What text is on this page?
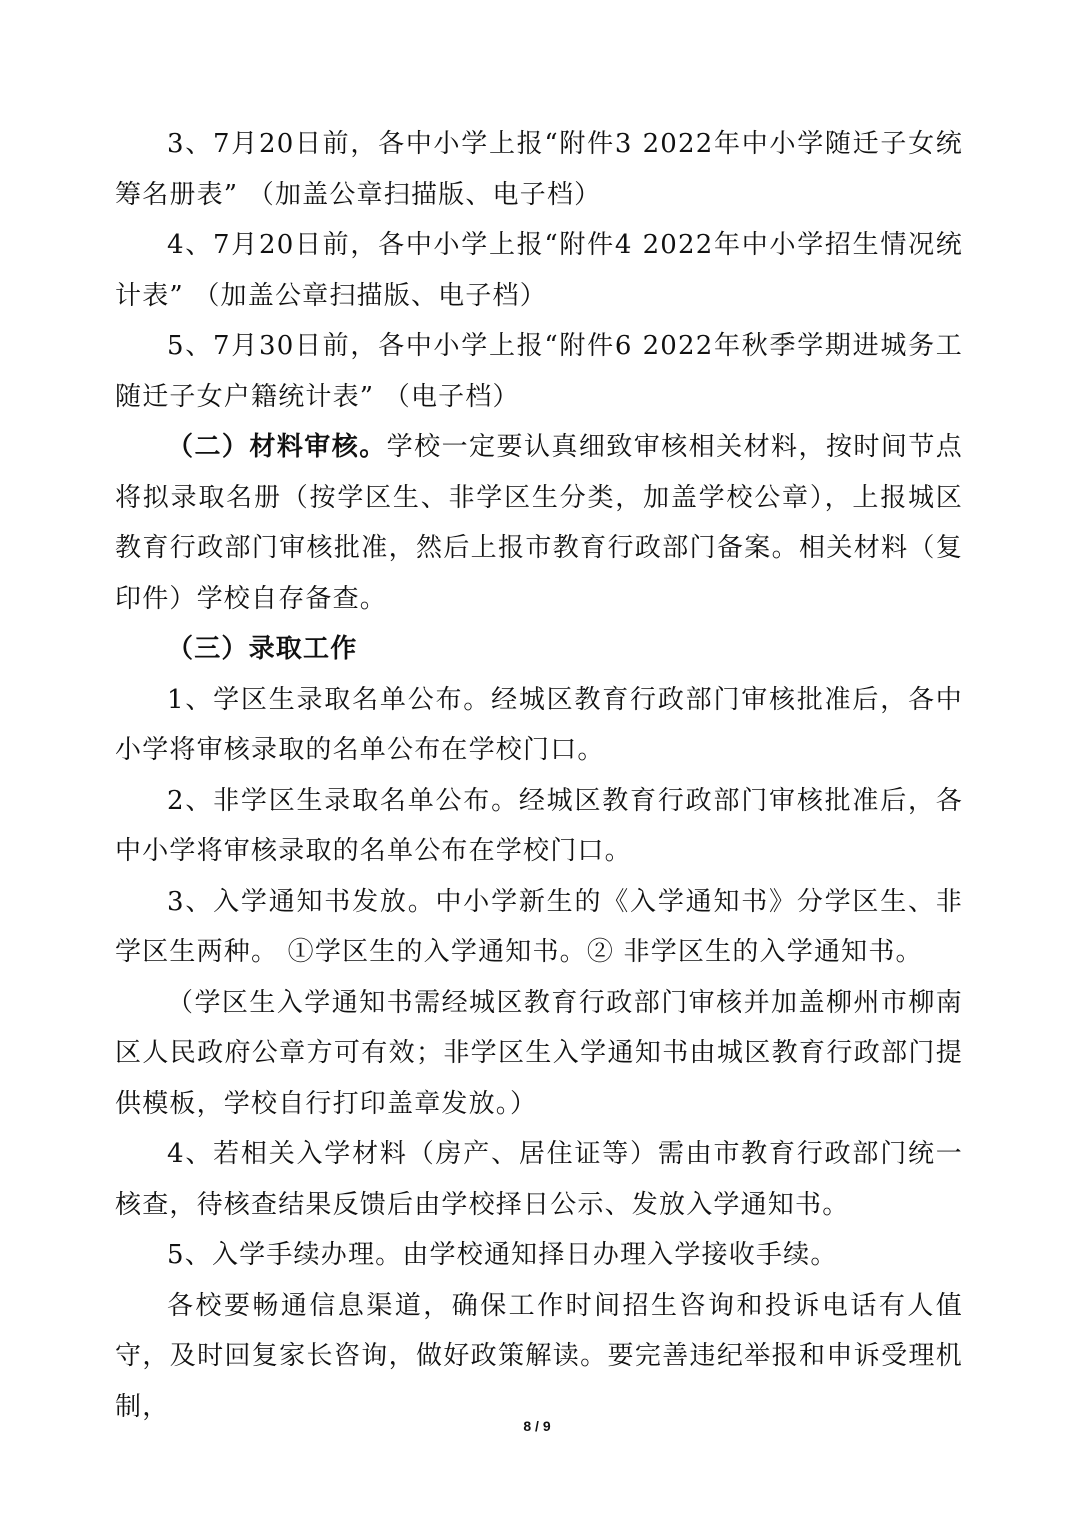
3、7月20日前，各中小学上报“附件3 2022年中小学随迁子女统筹名册表” （加盖公章扫描版、电子档）

4、7月20日前，各中小学上报“附件4 2022年中小学招生情况统计表” （加盖公章扫描版、电子档）

5、7月30日前，各中小学上报“附件6 2022年秋季学期进城务工随迁子女户籍统计表” （电子档）

（二）材料审核。学校一定要认真细致审核相关材料，按时间节点将拟录取名册（按学区生、非学区生分类，加盖学校公章），上报城区教育行政部门审核批准，然后上报市教育行政部门备案。相关材料（复印件）学校自存备查。

（三）录取工作

1、学区生录取名单公布。经城区教育行政部门审核批准后，各中小学将审核录取的名单公布在学校门口。

2、非学区生录取名单公布。经城区教育行政部门审核批准后，各中小学将审核录取的名单公布在学校门口。

3、入学通知书发放。中小学新生的《入学通知书》分学区生、非学区生两种。 ①学区生的入学通知书。② 非学区生的入学通知书。

（学区生入学通知书需经城区教育行政部门审核并加盖柳州市柳南区人民政府公章方可有效；非学区生入学通知书由城区教育行政部门提供模板，学校自行打印盖章发放。）

4、若相关入学材料（房产、居住证等）需由市教育行政部门统一核查，待核查结果反馈后由学校择日公示、发放入学通知书。

5、入学手续办理。由学校通知择日办理入学接收手续。

各校要畅通信息渠道，确保工作时间招生咨询和投诉电话有人值守，及时回复家长咨询，做好政策解读。要完善违纪举报和申诉受理机制，

8 / 9
